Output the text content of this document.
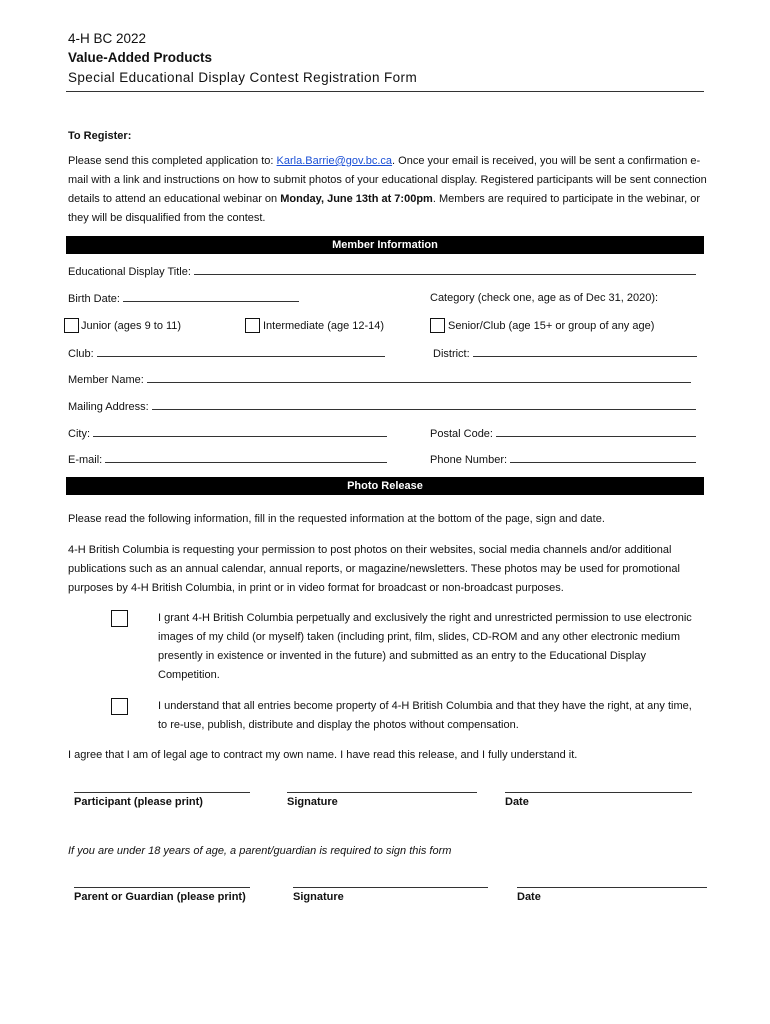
4-H BC 2022
Value-Added Products
Special Educational Display Contest Registration Form
To Register:
Please send this completed application to: Karla.Barrie@gov.bc.ca. Once your email is received, you will be sent a confirmation e-mail with a link and instructions on how to submit photos of your educational display. Registered participants will be sent connection details to attend an educational webinar on Monday, June 13th at 7:00pm. Members are required to participate in the webinar, or they will be disqualified from the contest.
Member Information
Educational Display Title:
Birth Date:	Category (check one, age as of Dec 31, 2020):
Junior (ages 9 to 11)	Intermediate (age 12-14)	Senior/Club (age 15+ or group of any age)
Club:	District:
Member Name:
Mailing Address:
City:	Postal Code:
E-mail:	Phone Number:
Photo Release
Please read the following information, fill in the requested information at the bottom of the page, sign and date.
4-H British Columbia is requesting your permission to post photos on their websites, social media channels and/or additional publications such as an annual calendar, annual reports, or magazine/newsletters. These photos may be used for promotional purposes by 4-H British Columbia, in print or in video format for broadcast or non-broadcast purposes.
I grant 4-H British Columbia perpetually and exclusively the right and unrestricted permission to use electronic images of my child (or myself) taken (including print, film, slides, CD-ROM and any other electronic medium presently in existence or invented in the future) and submitted as an entry to the Educational Display Competition.
I understand that all entries become property of 4-H British Columbia and that they have the right, at any time, to re-use, publish, distribute and display the photos without compensation.
I agree that I am of legal age to contract my own name. I have read this release, and I fully understand it.
Participant (please print)	Signature	Date
If you are under 18 years of age, a parent/guardian is required to sign this form
Parent or Guardian (please print)	Signature	Date
